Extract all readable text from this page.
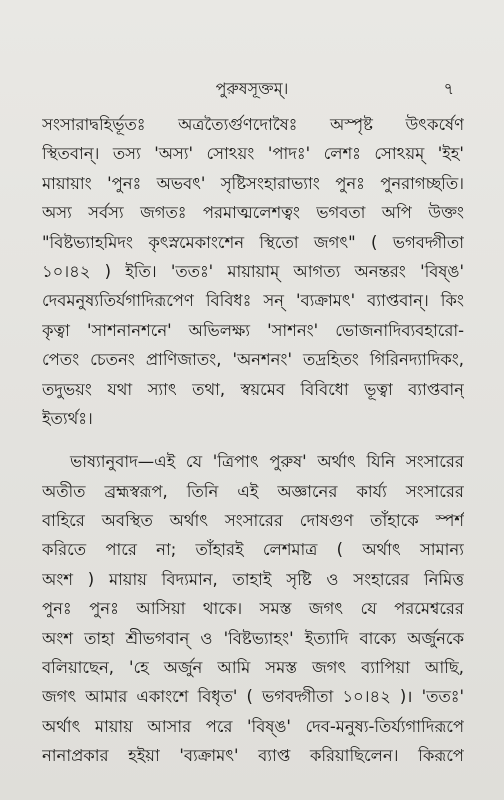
পুরুষসূক্তম্।	৭
সংসারাদ্বহির্ভূতঃ অত্রত্যৈর্গুণদোষৈঃ অস্পৃষ্ট উৎকর্ষেণ
স্থিতবান্। তস্য 'অস্য' সোঽয়ং 'পাদঃ' লেশঃ সোঽয়ম্ 'ইহ'
মায়ায়াং 'পুনঃ অভবৎ' সৃষ্টিসংহারাভ্যাং পুনঃ পুনরাগচ্ছতি।
অস্য সর্বস্য জগতঃ পরমাত্মলেশত্বং ভগবতা অপি উক্তং
"বিষ্টভ্যাহমিদং কৃৎস্নমেকাংশেন স্থিতো জগৎ" ( ভগবদ্গীতা
১০।৪২ ) ইতি। 'ততঃ' মায়ায়াম্ আগত্য অনন্তরং 'বিষ্ঙ'
দেবমনুষ্যতির্যগাদিরূপেণ বিবিধঃ সন্ 'ব্যক্রামৎ' ব্যাপ্তবান্। কিং
কৃত্বা 'সাশনানশনে' অভিলক্ষ্য 'সাশনং' ভোজনাদিব্যবহারো-
পেতং চেতনং প্রাণিজাতং, 'অনশনং' তদ্রহিতং গিরিনদ্যাদিকং,
তদুভয়ং যথা স্যাৎ তথা, স্বয়মেব বিবিধো ভূত্বা ব্যাপ্তবান্
ইত্যর্থঃ।
ভাষ্যানুবাদ—এই যে 'ত্রিপাৎ পুরুষ' অর্থাৎ যিনি সংসারের
অতীত ব্রহ্মস্বরূপ, তিনি এই অজ্ঞানের কার্য্য সংসারের
বাহিরে অবস্থিত অর্থাৎ সংসারের দোষগুণ তাঁহাকে স্পর্শ
করিতে পারে না; তাঁহারই লেশমাত্র ( অর্থাৎ সামান্য
অংশ ) মায়ায় বিদ্যমান, তাহাই সৃষ্টি ও সংহারের নিমিত্ত
পুনঃ পুনঃ আসিয়া থাকে। সমস্ত জগৎ যে পরমেশ্বরের
অংশ তাহা শ্রীভগবান্ ও 'বিষ্টভ্যাহং' ইত্যাদি বাক্যে অর্জুনকে
বলিয়াছেন, 'হে অর্জুন আমি সমস্ত জগৎ ব্যাপিয়া আছি,
জগৎ আমার একাংশে বিধৃত' ( ভগবদ্গীতা ১০।৪২ )। 'ততঃ'
অর্থাৎ মায়ায় আসার পরে 'বিষ্ঙ' দেব-মনুষ্য-তির্য্যগাদিরূপে
নানাপ্রকার হইয়া 'ব্যক্রামৎ' ব্যাপ্ত করিয়াছিলেন। কিরূপে
